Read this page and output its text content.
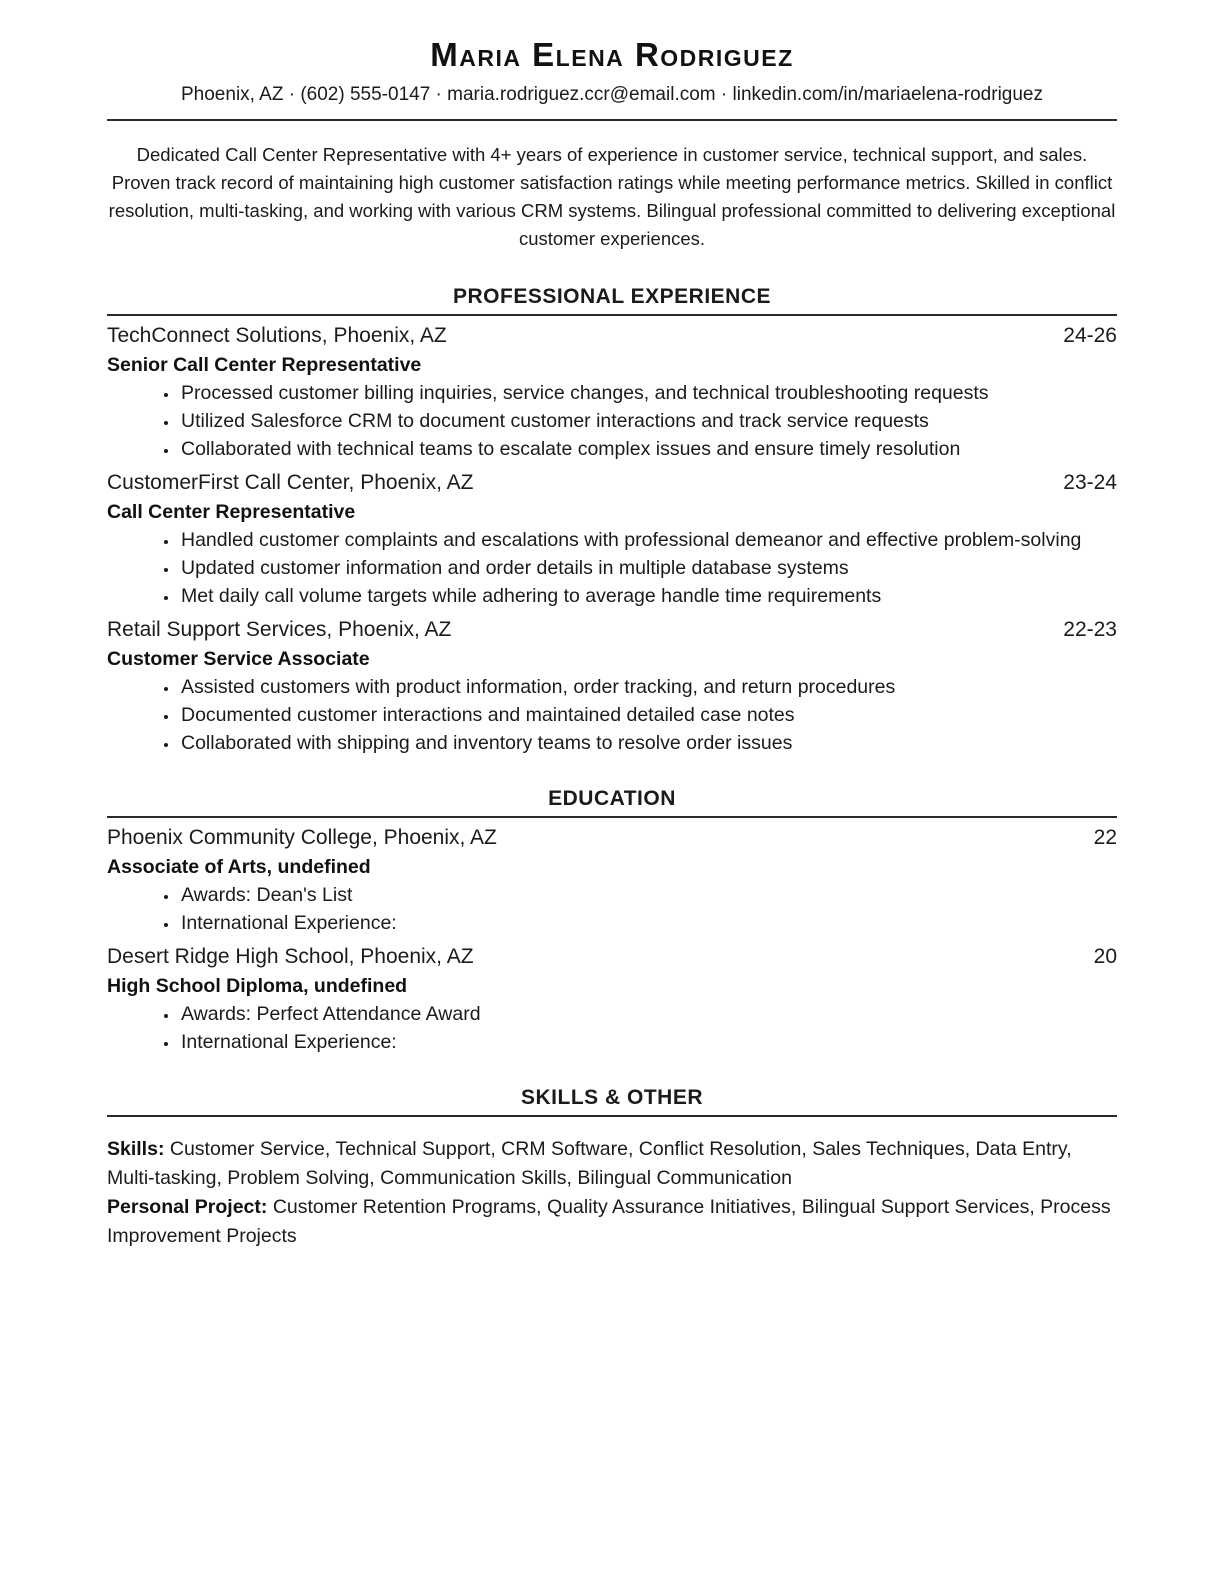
Maria Elena Rodriguez
Phoenix, AZ · (602) 555-0147 · maria.rodriguez.ccr@email.com · linkedin.com/in/mariaelena-rodriguez

Dedicated Call Center Representative with 4+ years of experience in customer service, technical support, and sales. Proven track record of maintaining high customer satisfaction ratings while meeting performance metrics. Skilled in conflict resolution, multi-tasking, and working with various CRM systems. Bilingual professional committed to delivering exceptional customer experiences.

PROFESSIONAL EXPERIENCE
TechConnect Solutions, Phoenix, AZ	24-26
Senior Call Center Representative
• Processed customer billing inquiries, service changes, and technical troubleshooting requests
• Utilized Salesforce CRM to document customer interactions and track service requests
• Collaborated with technical teams to escalate complex issues and ensure timely resolution
CustomerFirst Call Center, Phoenix, AZ	23-24
Call Center Representative
• Handled customer complaints and escalations with professional demeanor and effective problem-solving
• Updated customer information and order details in multiple database systems
• Met daily call volume targets while adhering to average handle time requirements
Retail Support Services, Phoenix, AZ	22-23
Customer Service Associate
• Assisted customers with product information, order tracking, and return procedures
• Documented customer interactions and maintained detailed case notes
• Collaborated with shipping and inventory teams to resolve order issues
EDUCATION
Phoenix Community College, Phoenix, AZ	22
Associate of Arts, undefined
• Awards: Dean's List
• International Experience:
Desert Ridge High School, Phoenix, AZ	20
High School Diploma, undefined
• Awards: Perfect Attendance Award
• International Experience:
SKILLS & OTHER

Skills: Customer Service, Technical Support, CRM Software, Conflict Resolution, Sales Techniques, Data Entry, Multi-tasking, Problem Solving, Communication Skills, Bilingual Communication

Personal Project: Customer Retention Programs, Quality Assurance Initiatives, Bilingual Support Services, Process Improvement Projects
